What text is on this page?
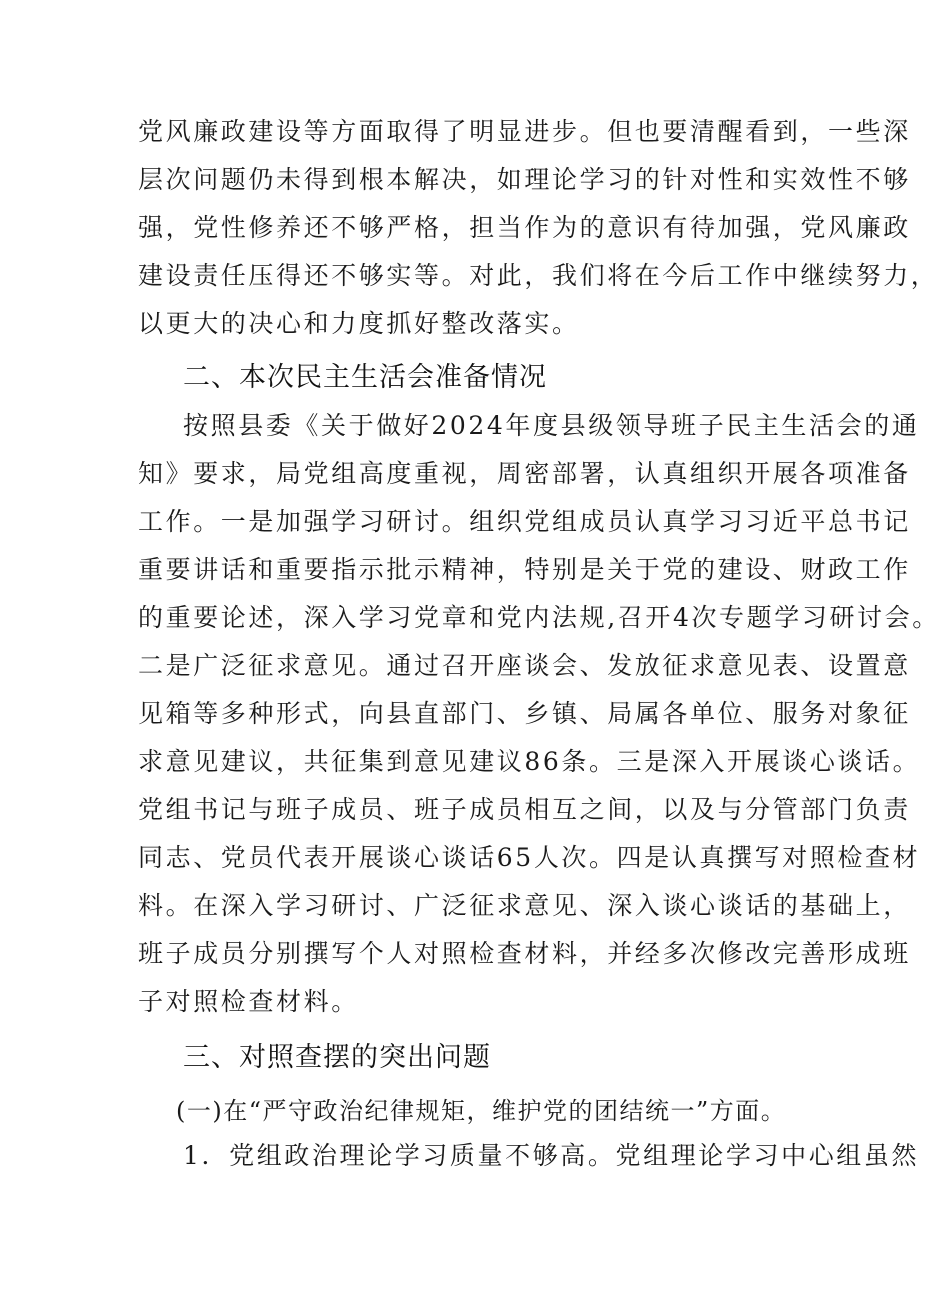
党风廉政建设等方面取得了明显进步。但也要清醒看到，一些深
层次问题仍未得到根本解决，如理论学习的针对性和实效性不够
强，党性修养还不够严格，担当作为的意识有待加强，党风廉政
建设责任压得还不够实等。对此，我们将在今后工作中继续努力，
以更大的决心和力度抓好整改落实。
二、本次民主生活会准备情况
按照县委《关于做好2024年度县级领导班子民主生活会的通
知》要求，局党组高度重视，周密部署，认真组织开展各项准备
工作。一是加强学习研讨。组织党组成员认真学习习近平总书记
重要讲话和重要指示批示精神，特别是关于党的建设、财政工作
的重要论述，深入学习党章和党内法规,召开4次专题学习研讨会。
二是广泛征求意见。通过召开座谈会、发放征求意见表、设置意
见箱等多种形式，向县直部门、乡镇、局属各单位、服务对象征
求意见建议，共征集到意见建议86条。三是深入开展谈心谈话。
党组书记与班子成员、班子成员相互之间，以及与分管部门负责
同志、党员代表开展谈心谈话65人次。四是认真撰写对照检查材
料。在深入学习研讨、广泛征求意见、深入谈心谈话的基础上，
班子成员分别撰写个人对照检查材料，并经多次修改完善形成班
子对照检查材料。
三、对照查摆的突出问题
(一)在“严守政治纪律规矩，维护党的团结统一”方面。
1．党组政治理论学习质量不够高。党组理论学习中心组虽然
